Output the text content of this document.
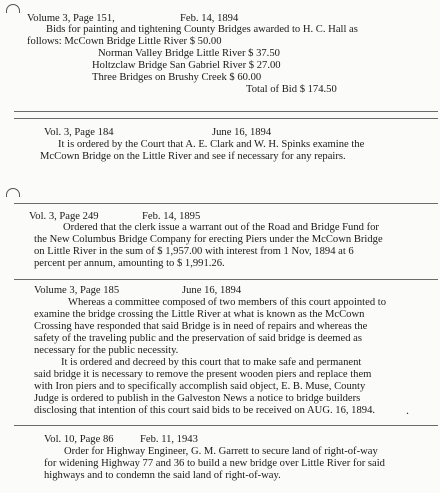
Volume 3, Page 151,	Feb. 14, 1894
Bids for painting and tightening County Bridges awarded to H. C. Hall as
follows: McCown Bridge Little River $ 50.00
Norman Valley Bridge Little River $ 37.50
Holtzclaw Bridge San Gabriel River $ 27.00
Three Bridges on Brushy Creek $ 60.00
Total of Bid $ 174.50
Vol. 3, Page 184	June 16, 1894
It is ordered by the Court that A. E. Clark and W. H. Spinks examine the
McCown Bridge on the Little River and see if necessary for any repairs.
Vol. 3, Page 249	Feb. 14, 1895
Ordered that the clerk issue a warrant out of the Road and Bridge Fund for
the New Columbus Bridge Company for erecting Piers under the McCown Bridge
on Little River in the sum of $ 1,957.00 with interest from 1 Nov, 1894 at 6
percent per annum, amounting to $ 1,991.26.
Volume 3, Page 185	June 16, 1894
Whereas a committee composed of two members of this court appointed to
examine the bridge crossing the Little River at what is known as the McCown
Crossing have responded that said Bridge is in need of repairs and whereas the
safety of the traveling public and the preservation of said bridge is deemed as
necessary for the public necessity.
It is ordered and decreed by this court that to make safe and permanent
said bridge it is necessary to remove the present wooden piers and replace them
with Iron piers and to specifically accomplish said object, E. B. Muse, County
Judge is ordered to publish in the Galveston News a notice to bridge builders
disclosing that intention of this court said bids to be received on AUG. 16, 1894.	.
Vol. 10, Page 86 Feb. 11, 1943
Order for Highway Engineer, G. M. Garrett to secure land of right-of-way
for widening Highway 77 and 36 to build a new bridge over Little River for said
highways and to condemn the said land of right-of-way.
